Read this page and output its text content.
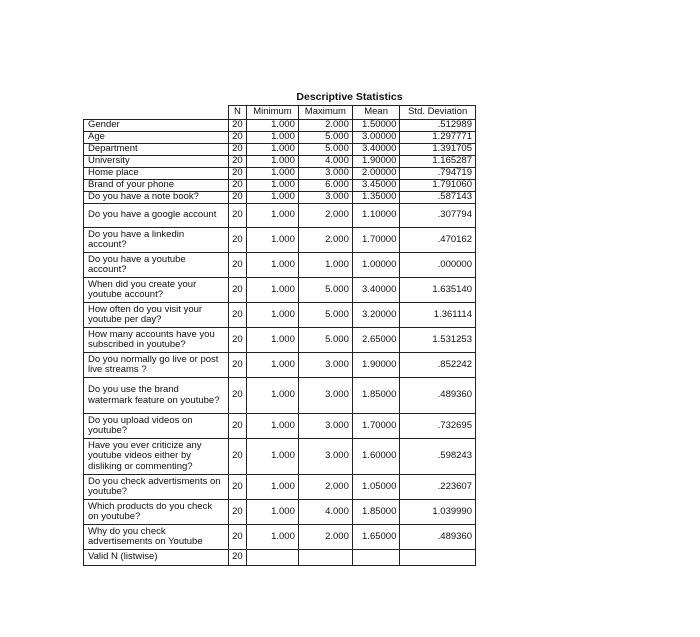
Descriptive Statistics
	N	Minimum	Maximum	Mean	Std. Deviation
Gender	20	1.000	2.000	1.50000	.512989
Age	20	1.000	5.000	3.00000	1.297771
Department	20	1.000	5.000	3.40000	1.391705
University	20	1.000	4.000	1.90000	1.165287
Home place	20	1.000	3.000	2.00000	.794719
Brand of your phone	20	1.000	6.000	3.45000	1.791060
Do you have a note book?	20	1.000	3.000	1.35000	.587143
Do you have a google account	20	1.000	2.000	1.10000	.307794
Do you have a linkedin account?	20	1.000	2.000	1.70000	.470162
Do you have a youtube account?	20	1.000	1.000	1.00000	.000000
When did you create your youtube account?	20	1.000	5.000	3.40000	1.635140
How often do you visit your youtube per day?	20	1.000	5.000	3.20000	1.361114
How many accounts have you subscribed in youtube?	20	1.000	5.000	2.65000	1.531253
Do you normally go live or post live streams ?	20	1.000	3.000	1.90000	.852242
Do you use the brand watermark feature on youtube?	20	1.000	3.000	1.85000	.489360
Do you upload videos on youtube?	20	1.000	3.000	1.70000	.732695
Have you ever criticize any youtube videos either by disliking or commenting?	20	1.000	3.000	1.60000	.598243
Do you check advertisments on youtube?	20	1.000	2.000	1.05000	.223607
Which products do you check on youtube?	20	1.000	4.000	1.85000	1.039990
Why do you check advertisements on Youtube	20	1.000	2.000	1.65000	.489360
Valid N (listwise)	20				
